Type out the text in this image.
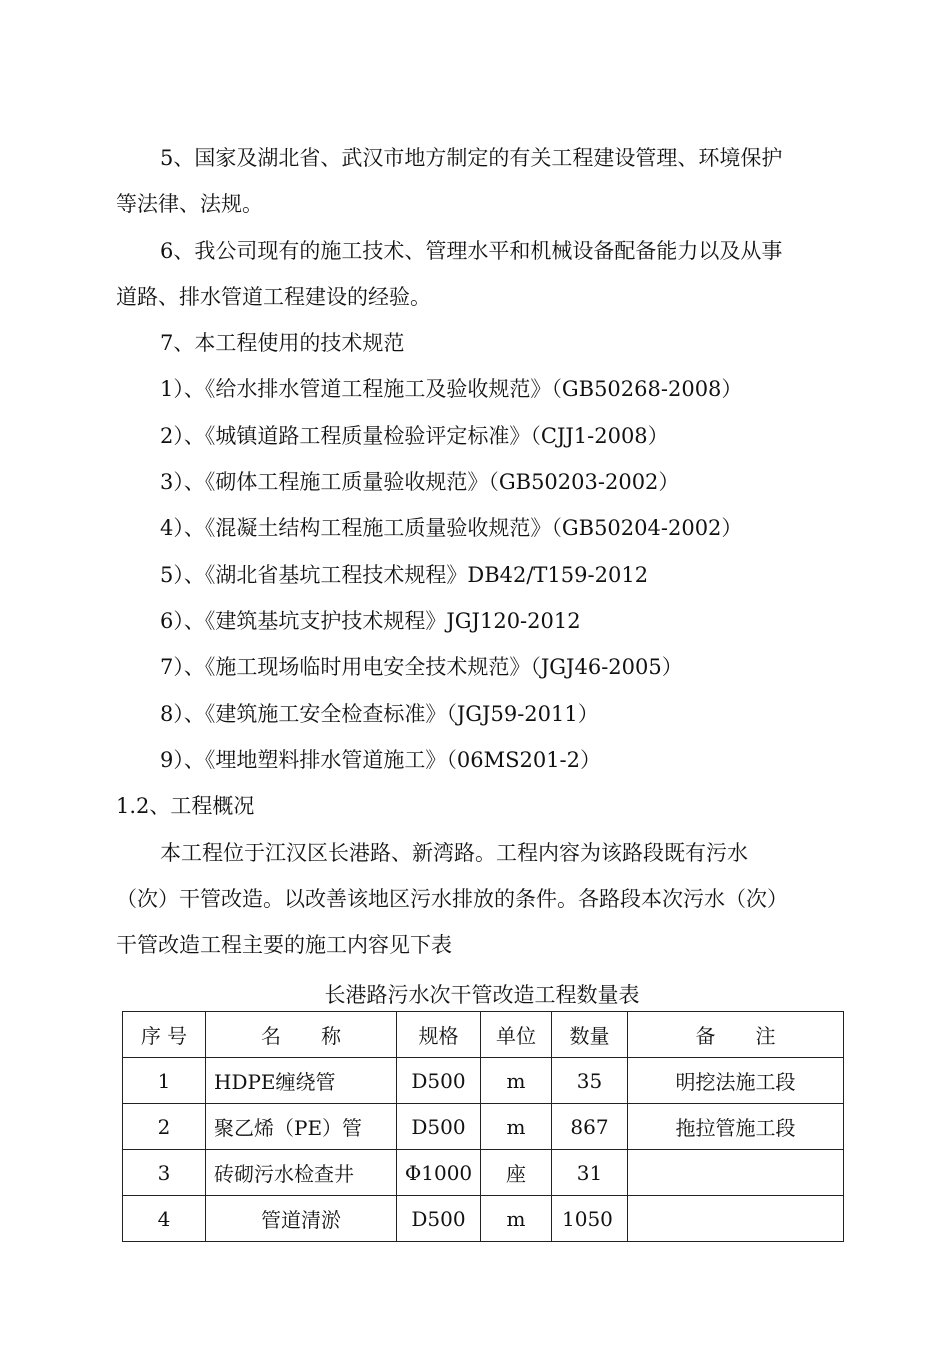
5、国家及湖北省、武汉市地方制定的有关工程建设管理、环境保护
等法律、法规。
6、我公司现有的施工技术、管理水平和机械设备配备能力以及从事
道路、排水管道工程建设的经验。
7、本工程使用的技术规范
1）、《给水排水管道工程施工及验收规范》（GB50268-2008）
2）、《城镇道路工程质量检验评定标准》（CJJ1-2008）
3）、《砌体工程施工质量验收规范》（GB50203-2002）
4）、《混凝土结构工程施工质量验收规范》（GB50204-2002）
5）、《湖北省基坑工程技术规程》DB42/T159-2012
6）、《建筑基坑支护技术规程》JGJ120-2012
7）、《施工现场临时用电安全技术规范》（JGJ46-2005）
8）、《建筑施工安全检查标准》（JGJ59-2011）
9）、《埋地塑料排水管道施工》（06MS201-2）
1.2、工程概况
本工程位于江汉区长港路、新湾路。工程内容为该路段既有污水
（次）干管改造。以改善该地区污水排放的条件。各路段本次污水（次）
干管改造工程主要的施工内容见下表
长港路污水次干管改造工程数量表
序 号	名　　称	规格	单位	数量	备　　注
1	HDPE缠绕管	D500	m	35	明挖法施工段
2	聚乙烯（PE）管	D500	m	867	拖拉管施工段
3	砖砌污水检查井	Φ1000	座	31	
4	管道清淤	D500	m	1050	
